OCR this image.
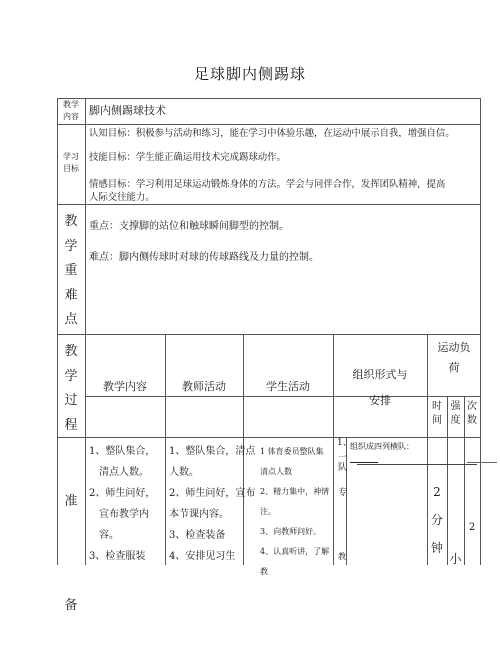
足球脚内侧踢球
教学
内容 脚内侧踢球技术
学习
目标
认知目标：积极参与活动和练习，能在学习中体验乐趣，在运动中展示自我，增强自信。
技能目标：学生能正确运用技术完成踢球动作。
情感目标：学习利用足球运动锻炼身体的方法。学会与同伴合作，发挥团队精神，提高
人际交往能力。
教
学
重
难
点
重点：支撑脚的站位和触球瞬间脚型的控制。
难点：脚内侧传球时对球的传球路线及力量的控制。
教
学
过
程
教学内容	教师活动	学生活动
组织形式与
安排
运动负
荷
时
间
强
度
次
数
准
备
1、整队集合，
清点人数。
2、师生问好，
宣布教学内
容。
3、检查服装
1、整队集合，清点
人数。
2、师生问好，宣布
本节课内容。
3、检查装备
4、安排见习生
1 体育委员整队集
清点人数
2、精力集中，神情
注。
3、向教师问好。
4、认真听讲，了解教
1、
组织成四列横队：
一
队
专
教
2
分
钟
小
2
